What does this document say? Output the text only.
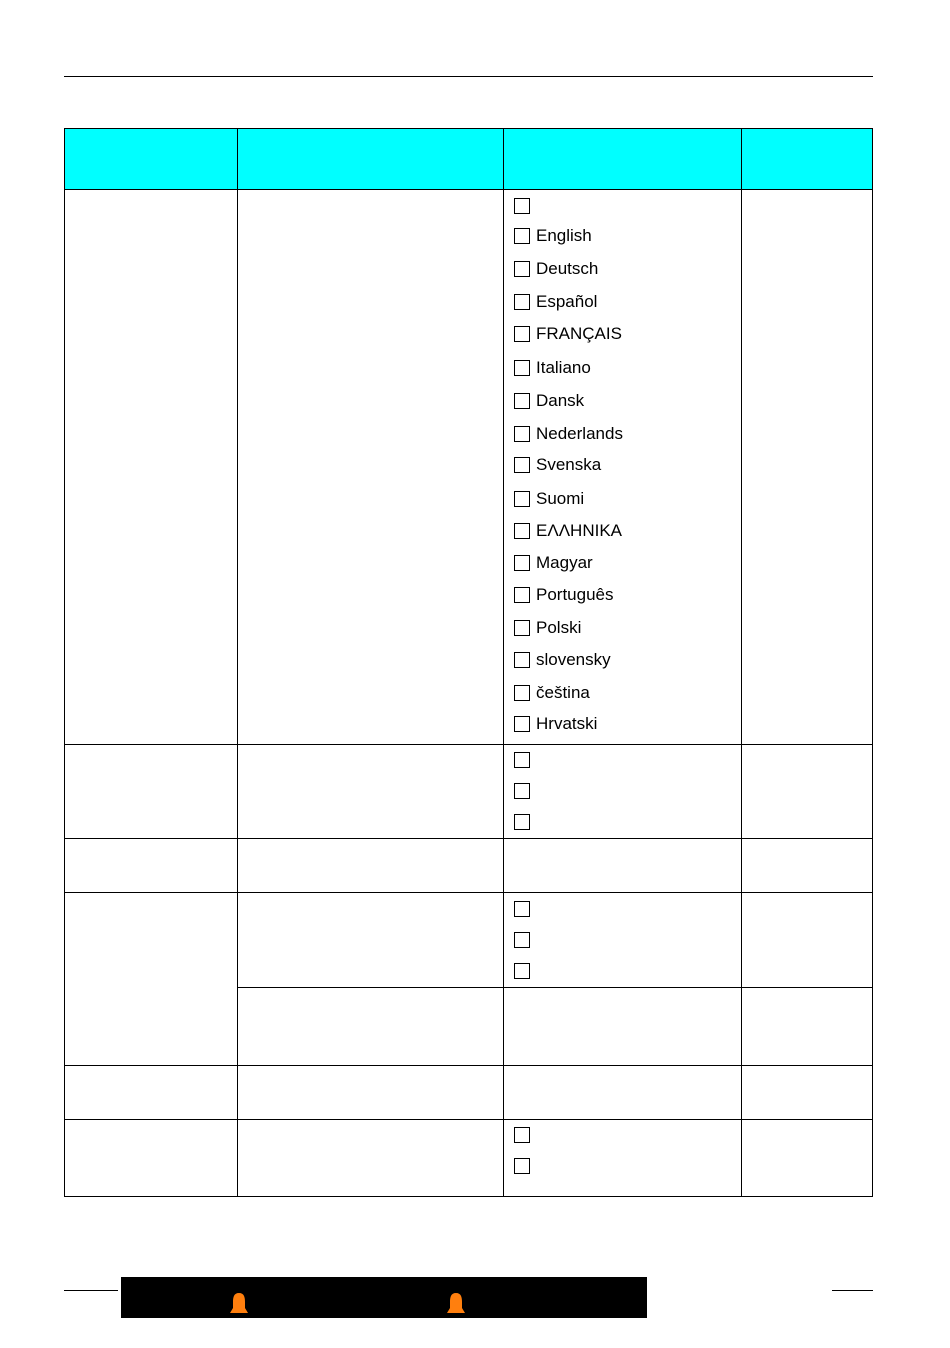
English
Deutsch
Español
FRANÇAIS
Italiano
Dansk
Nederlands
Svenska
Suomi
ΕΛΛΗΝΙΚΑ
Magyar
Português
Polski
slovensky
čeština
Hrvatski
